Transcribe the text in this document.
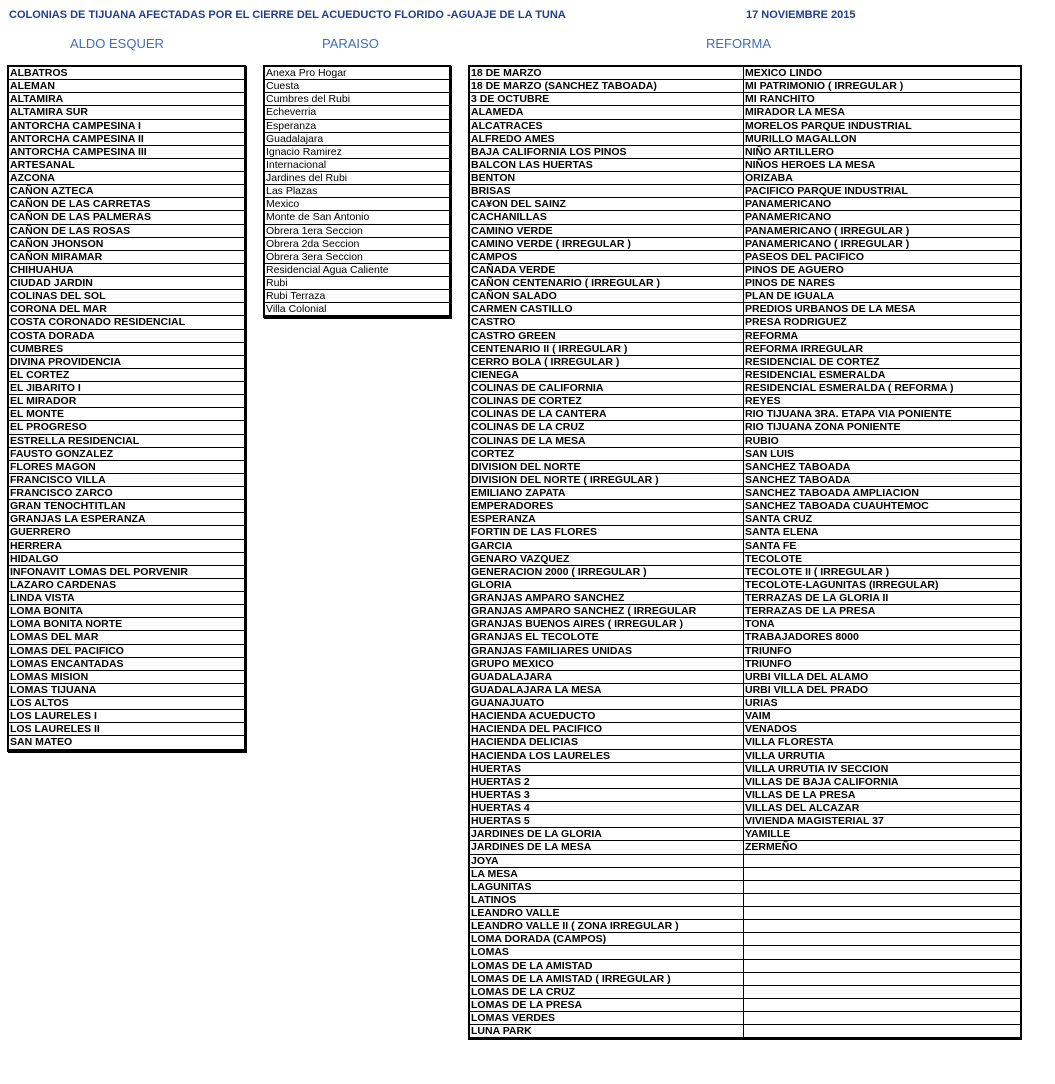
COLONIAS DE TIJUANA AFECTADAS POR EL CIERRE DEL ACUEDUCTO FLORIDO -AGUAJE DE LA TUNA	17 NOVIEMBRE 2015
ALDO ESQUER	PARAISO	REFORMA
ALBATROS
ALEMAN
ALTAMIRA
ALTAMIRA SUR
ANTORCHA CAMPESINA I
ANTORCHA CAMPESINA II
ANTORCHA CAMPESINA III
ARTESANAL
AZCONA
CAÑON AZTECA
CAÑON DE LAS CARRETAS
CAÑON DE LAS PALMERAS
CAÑON DE LAS ROSAS
CAÑON JHONSON
CAÑON MIRAMAR
CHIHUAHUA
CIUDAD JARDIN
COLINAS DEL SOL
CORONA DEL MAR
COSTA CORONADO RESIDENCIAL
COSTA DORADA
CUMBRES
DIVINA PROVIDENCIA
EL CORTEZ
EL JIBARITO I
EL MIRADOR
EL MONTE
EL PROGRESO
ESTRELLA RESIDENCIAL
FAUSTO GONZALEZ
FLORES MAGON
FRANCISCO VILLA
FRANCISCO ZARCO
GRAN TENOCHTITLAN
GRANJAS LA ESPERANZA
GUERRERO
HERRERA
HIDALGO
INFONAVIT LOMAS DEL PORVENIR
LAZARO CARDENAS
LINDA VISTA
LOMA BONITA
LOMA BONITA NORTE
LOMAS DEL MAR
LOMAS DEL PACIFICO
LOMAS ENCANTADAS
LOMAS MISION
LOMAS TIJUANA
LOS ALTOS
LOS LAURELES I
LOS LAURELES II
SAN MATEO
Anexa Pro Hogar
Cuesta
Cumbres del Rubi
Echeverria
Esperanza
Guadalajara
Ignacio Ramirez
Internacional
Jardines del Rubi
Las Plazas
Mexico
Monte de San Antonio
Obrera 1era Seccion
Obrera 2da Seccion
Obrera 3era Seccion
Residencial Agua Caliente
Rubi
Rubi Terraza
Villa Colonial
18 DE MARZO	MEXICO LINDO
18 DE MARZO (SANCHEZ TABOADA)	MI PATRIMONIO ( IRREGULAR )
3 DE OCTUBRE	MI RANCHITO
ALAMEDA	MIRADOR LA MESA
ALCATRACES	MORELOS PARQUE INDUSTRIAL
ALFREDO AMES	MURILLO MAGALLON
BAJA CALIFORNIA LOS PINOS	NIÑO ARTILLERO
BALCON LAS HUERTAS	NIÑOS HEROES LA MESA
BENTON	ORIZABA
BRISAS	PACIFICO PARQUE INDUSTRIAL
CA¥ON DEL SAINZ	PANAMERICANO
CACHANILLAS	PANAMERICANO
CAMINO VERDE	PANAMERICANO ( IRREGULAR )
CAMINO VERDE ( IRREGULAR )	PANAMERICANO ( IRREGULAR )
CAMPOS	PASEOS DEL PACIFICO
CAÑADA VERDE	PINOS DE AGUERO
CAÑON CENTENARIO ( IRREGULAR )	PINOS DE NARES
CAÑON SALADO	PLAN DE IGUALA
CARMEN CASTILLO	PREDIOS URBANOS DE LA MESA
CASTRO	PRESA RODRIGUEZ
CASTRO GREEN	REFORMA
CENTENARIO II ( IRREGULAR )	REFORMA IRREGULAR
CERRO BOLA ( IRREGULAR )	RESIDENCIAL DE CORTEZ
CIENEGA	RESIDENCIAL ESMERALDA
COLINAS DE CALIFORNIA	RESIDENCIAL ESMERALDA ( REFORMA )
COLINAS DE CORTEZ	REYES
COLINAS DE LA CANTERA	RIO TIJUANA 3RA. ETAPA VIA PONIENTE
COLINAS DE LA CRUZ	RIO TIJUANA ZONA PONIENTE
COLINAS DE LA MESA	RUBIO
CORTEZ	SAN LUIS
DIVISION DEL NORTE	SANCHEZ TABOADA
DIVISION DEL NORTE ( IRREGULAR )	SANCHEZ TABOADA
EMILIANO ZAPATA	SANCHEZ TABOADA AMPLIACION
EMPERADORES	SANCHEZ TABOADA CUAUHTEMOC
ESPERANZA	SANTA CRUZ
FORTIN DE LAS FLORES	SANTA ELENA
GARCIA	SANTA FE
GENARO VAZQUEZ	TECOLOTE
GENERACION 2000 ( IRREGULAR )	TECOLOTE II ( IRREGULAR )
GLORIA	TECOLOTE-LAGUNITAS (IRREGULAR)
GRANJAS AMPARO SANCHEZ	TERRAZAS DE LA GLORIA II
GRANJAS AMPARO SANCHEZ ( IRREGULAR	TERRAZAS DE LA PRESA
GRANJAS BUENOS AIRES ( IRREGULAR )	TONA
GRANJAS EL TECOLOTE	TRABAJADORES 8000
GRANJAS FAMILIARES UNIDAS	TRIUNFO
GRUPO MEXICO	TRIUNFO
GUADALAJARA	URBI VILLA DEL ALAMO
GUADALAJARA LA MESA	URBI VILLA DEL PRADO
GUANAJUATO	URIAS
HACIENDA ACUEDUCTO	VAIM
HACIENDA DEL PACIFICO	VENADOS
HACIENDA DELICIAS	VILLA FLORESTA
HACIENDA LOS LAURELES	VILLA URRUTIA
HUERTAS	VILLA URRUTIA IV SECCION
HUERTAS 2	VILLAS DE BAJA CALIFORNIA
HUERTAS 3	VILLAS DE LA PRESA
HUERTAS 4	VILLAS DEL ALCAZAR
HUERTAS 5	VIVIENDA MAGISTERIAL 37
JARDINES DE LA GLORIA	YAMILLE
JARDINES DE LA MESA	ZERMEÑO
JOYA
LA MESA
LAGUNITAS
LATINOS
LEANDRO VALLE
LEANDRO VALLE II ( ZONA IRREGULAR )
LOMA DORADA (CAMPOS)
LOMAS
LOMAS DE LA AMISTAD
LOMAS DE LA AMISTAD ( IRREGULAR )
LOMAS DE LA CRUZ
LOMAS DE LA PRESA
LOMAS VERDES
LUNA PARK
